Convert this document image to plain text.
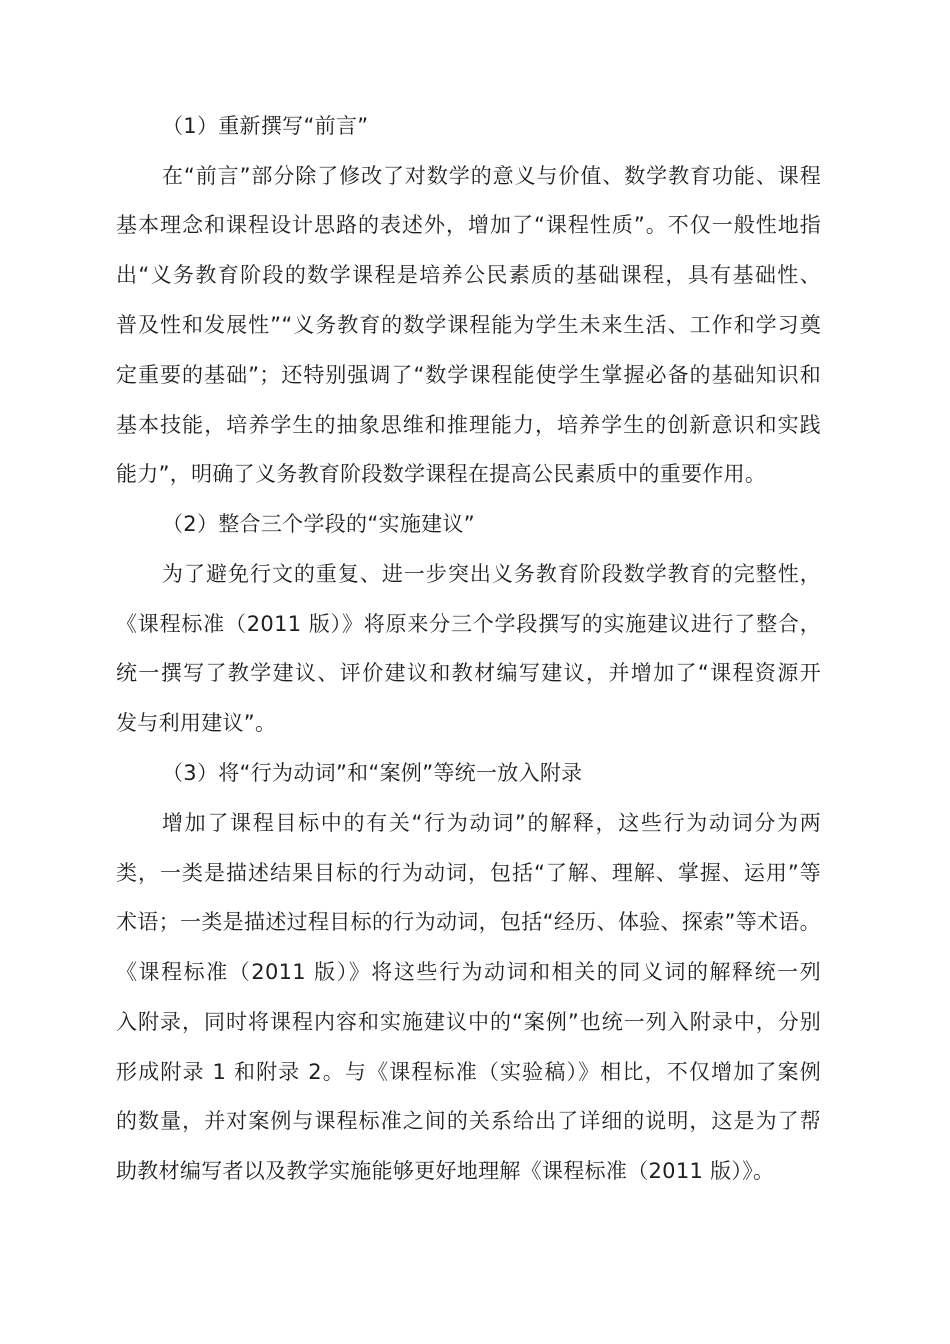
（1）重新撰写“前言”
在“前言”部分除了修改了对数学的意义与价值、数学教育功能、课程
基本理念和课程设计思路的表述外，增加了“课程性质”。不仅一般性地指
出“义务教育阶段的数学课程是培养公民素质的基础课程，具有基础性、
普及性和发展性”“义务教育的数学课程能为学生未来生活、工作和学习奠
定重要的基础”；还特别强调了“数学课程能使学生掌握必备的基础知识和
基本技能，培养学生的抽象思维和推理能力，培养学生的创新意识和实践
能力”，明确了义务教育阶段数学课程在提高公民素质中的重要作用。
（2）整合三个学段的“实施建议”
为了避免行文的重复、进一步突出义务教育阶段数学教育的完整性，
《课程标准（2011 版）》将原来分三个学段撰写的实施建议进行了整合，
统一撰写了教学建议、评价建议和教材编写建议，并增加了“课程资源开
发与利用建议”。
（3）将“行为动词”和“案例”等统一放入附录
增加了课程目标中的有关“行为动词”的解释，这些行为动词分为两
类，一类是描述结果目标的行为动词，包括“了解、理解、掌握、运用”等
术语；一类是描述过程目标的行为动词，包括“经历、体验、探索”等术语。
《课程标准（2011 版）》将这些行为动词和相关的同义词的解释统一列
入附录，同时将课程内容和实施建议中的“案例”也统一列入附录中，分别
形成附录 1 和附录 2。与《课程标准（实验稿）》相比，不仅增加了案例
的数量，并对案例与课程标准之间的关系给出了详细的说明，这是为了帮
助教材编写者以及教学实施能够更好地理解《课程标准（2011 版）》。
